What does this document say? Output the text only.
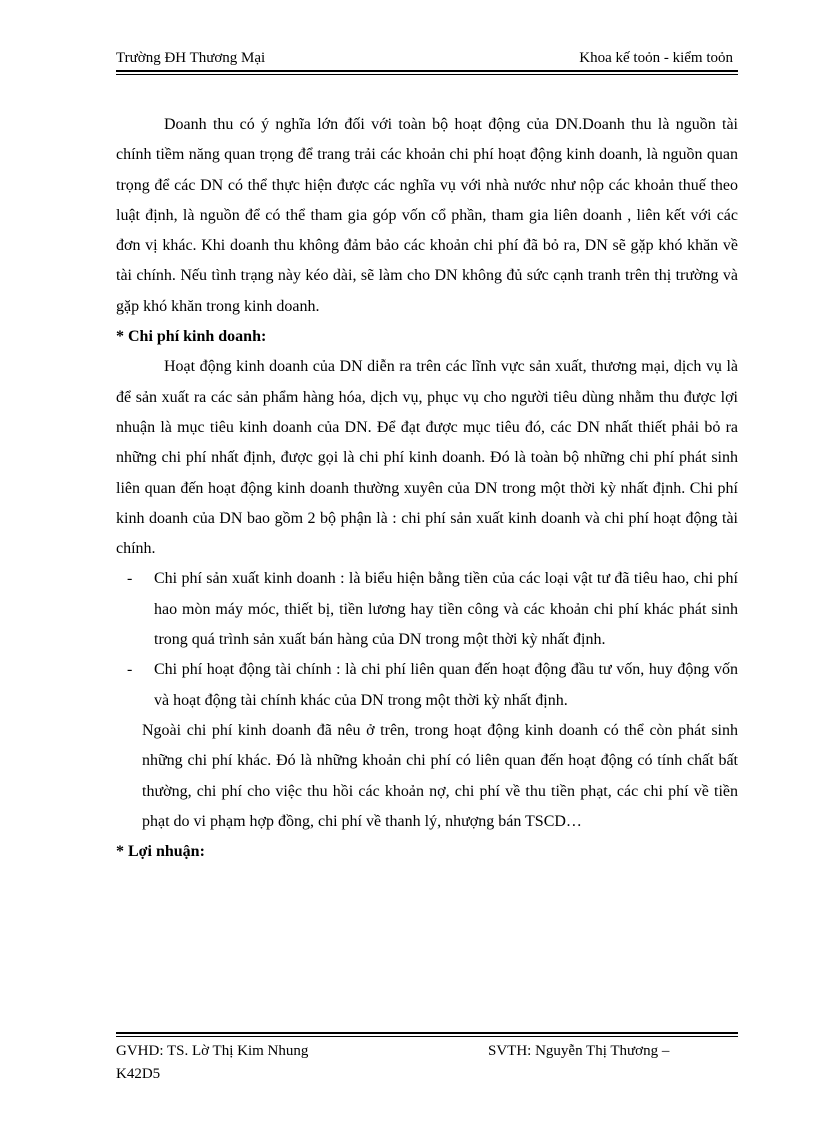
Trường ĐH Thương Mại	Khoa kế toỏn - kiểm toỏn

Doanh thu có ý nghĩa lớn đối với toàn bộ hoạt động của DN.Doanh thu là nguồn tài chính tiềm năng quan trọng để trang trải các khoản chi phí hoạt động kinh doanh, là nguồn quan trọng để các DN có thể thực hiện được các nghĩa vụ với nhà nước như nộp các khoản thuế theo luật định, là nguồn để có thể tham gia góp vốn cổ phần, tham gia liên doanh , liên kết với các đơn vị khác. Khi doanh thu không đảm bảo các khoản chi phí đã bỏ ra, DN sẽ gặp khó khăn về tài chính. Nếu tình trạng này kéo dài, sẽ làm cho DN không đủ sức cạnh tranh trên thị trường và gặp khó khăn trong kinh doanh.

* Chi phí kinh doanh:

Hoạt động kinh doanh của DN diễn ra trên các lĩnh vực sản xuất, thương mại, dịch vụ là để sản xuất ra các sản phẩm hàng hóa, dịch vụ, phục vụ cho người tiêu dùng nhằm thu được lợi nhuận là mục tiêu kinh doanh của DN. Để đạt được mục tiêu đó, các DN nhất thiết phải bỏ ra những chi phí nhất định, được gọi là chi phí kinh doanh. Đó là toàn bộ những chi phí phát sinh liên quan đến hoạt động kinh doanh thường xuyên của DN trong một thời kỳ nhất định. Chi phí kinh doanh của DN bao gồm 2 bộ phận là : chi phí sản xuất kinh doanh và chi phí hoạt động tài chính.

- Chi phí sản xuất kinh doanh : là biểu hiện bằng tiền của các loại vật tư đã tiêu hao, chi phí hao mòn máy móc, thiết bị, tiền lương hay tiền công và các khoản chi phí khác phát sinh trong quá trình sản xuất bán hàng của DN trong một thời kỳ nhất định.

- Chi phí hoạt động tài chính : là chi phí liên quan đến hoạt động đầu tư vốn, huy động vốn và hoạt động tài chính khác của DN trong một thời kỳ nhất định.

Ngoài chi phí kinh doanh đã nêu ở trên, trong hoạt động kinh doanh có thể còn phát sinh những chi phí khác. Đó là những khoản chi phí có liên quan đến hoạt động có tính chất bất thường, chi phí cho việc thu hồi các khoản nợ, chi phí về thu tiền phạt, các chi phí về tiền phạt do vi phạm hợp đồng, chi phí về thanh lý, nhượng bán TSCD…

* Lợi nhuận:

GVHD: TS. Lờ Thị Kim Nhung	SVTH: Nguyễn Thị Thương –
K42D5
